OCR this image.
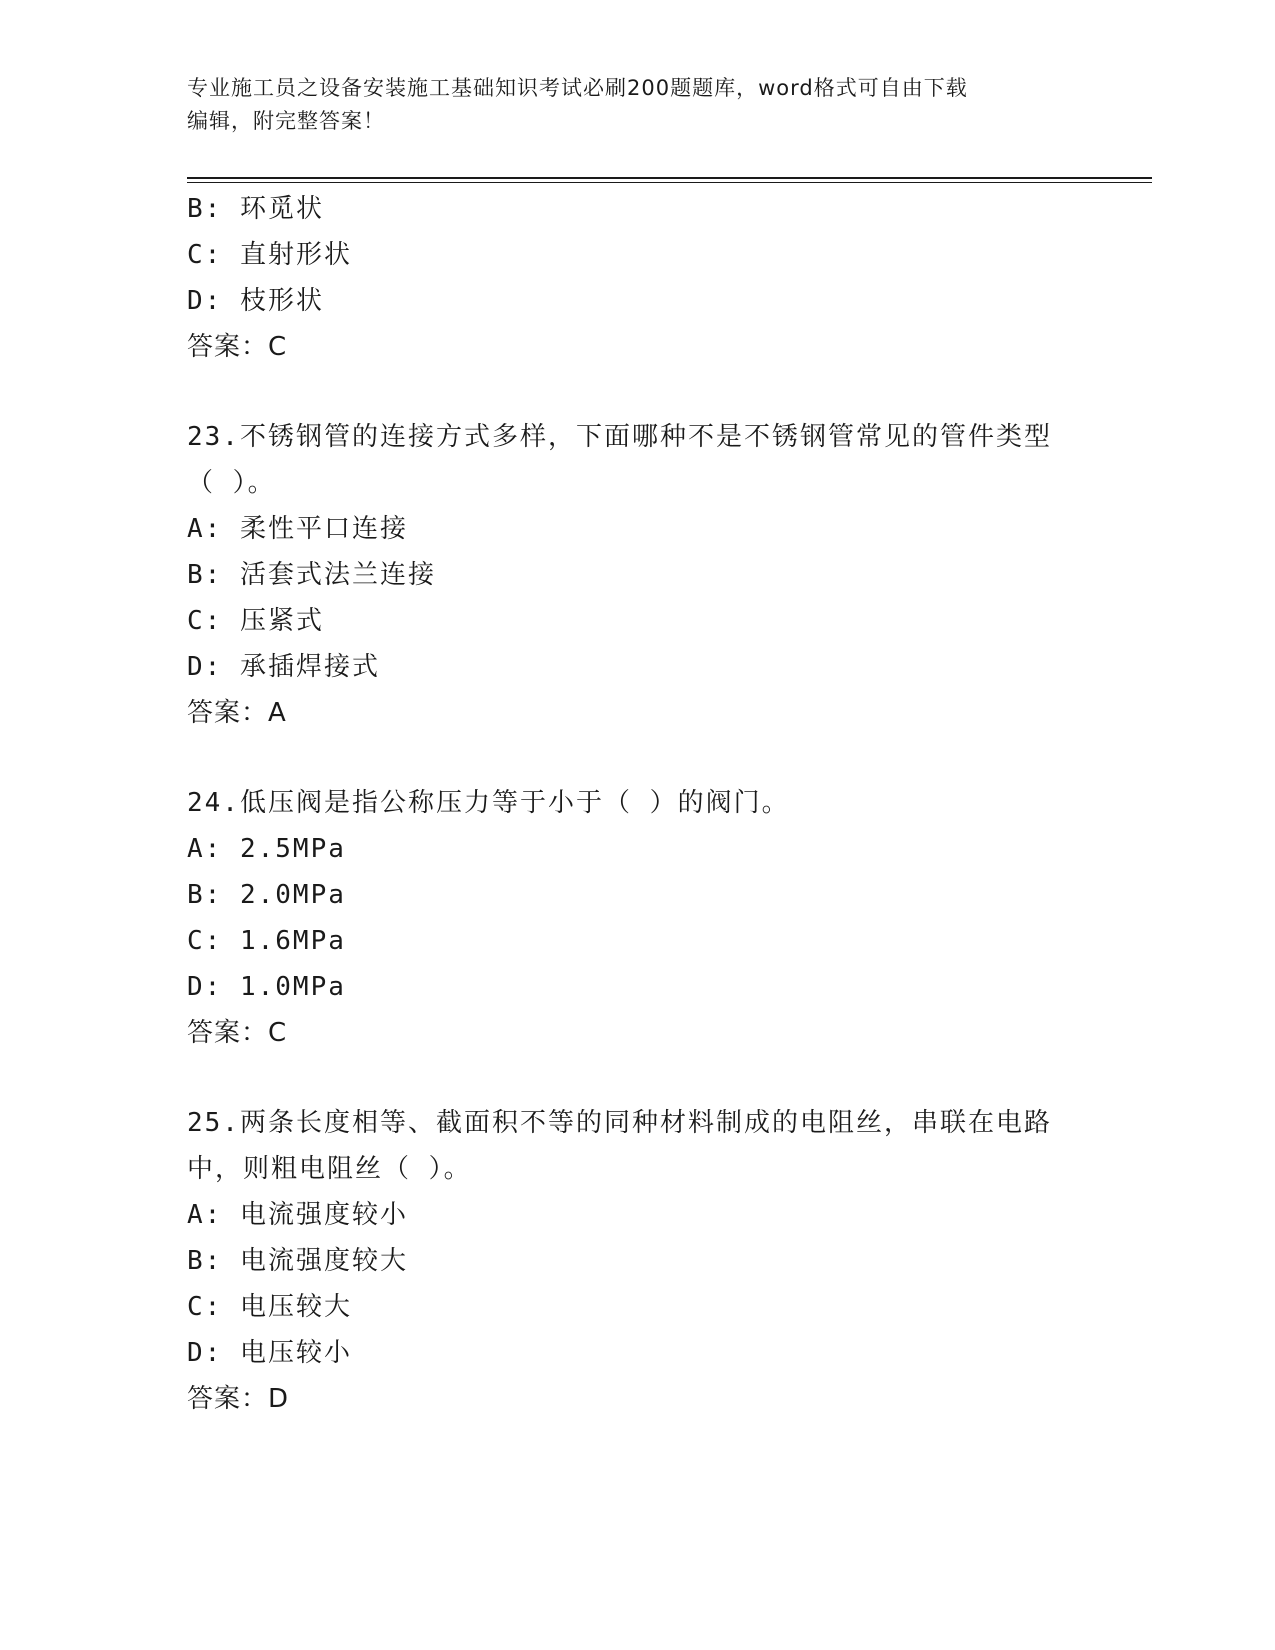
专业施工员之设备安装施工基础知识考试必刷200题题库，word格式可自由下载
编辑，附完整答案！
B: 环觅状
C: 直射形状
D: 枝形状
答案：C
23.不锈钢管的连接方式多样，下面哪种不是不锈钢管常见的管件类型
（ ）。
A: 柔性平口连接
B: 活套式法兰连接
C: 压紧式
D: 承插焊接式
答案：A
24.低压阀是指公称压力等于小于（ ）的阀门。
A: 2.5MPa
B: 2.0MPa
C: 1.6MPa
D: 1.0MPa
答案：C
25.两条长度相等、截面积不等的同种材料制成的电阻丝，串联在电路
中，则粗电阻丝（ ）。
A: 电流强度较小
B: 电流强度较大
C: 电压较大
D: 电压较小
答案：D
